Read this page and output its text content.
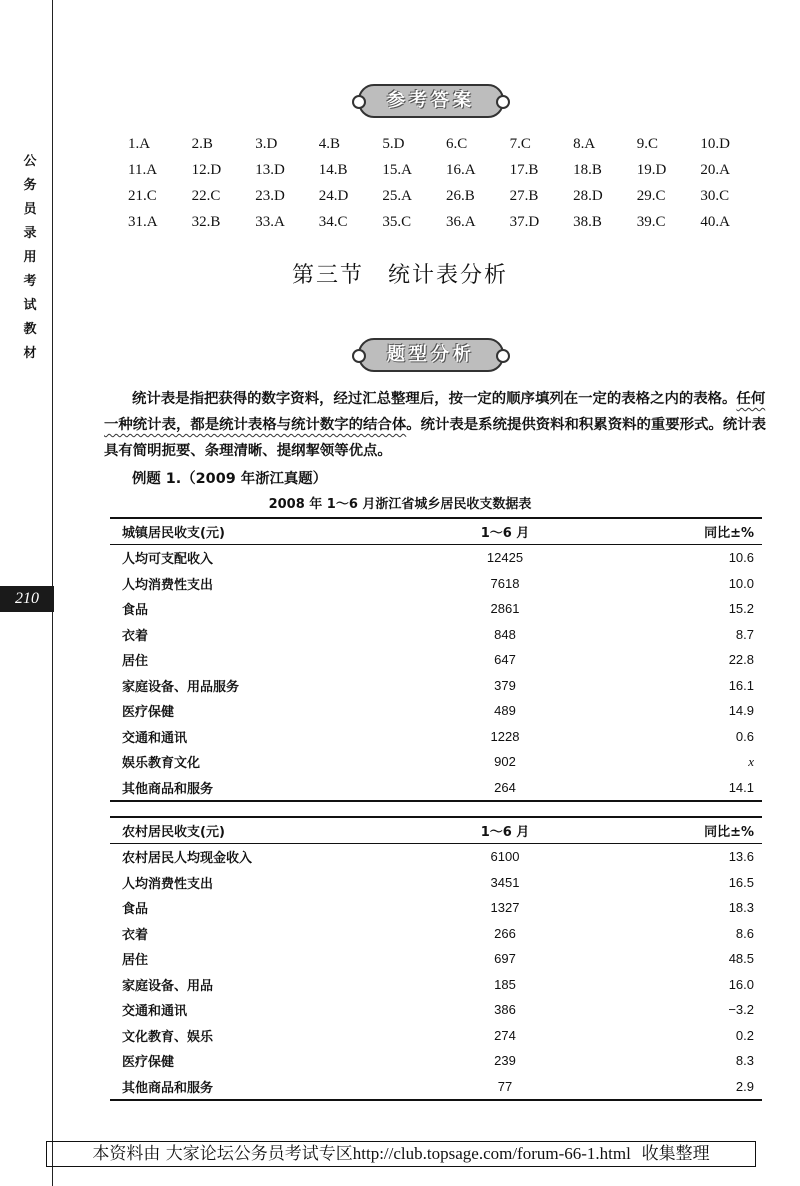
公务员录用考试教材
210
参考答案
1.A	2.B	3.D	4.B	5.D	6.C	7.C	8.A	9.C	10.D
11.A	12.D	13.D	14.B	15.A	16.A	17.B	18.B	19.D	20.A
21.C	22.C	23.D	24.D	25.A	26.B	27.B	28.D	29.C	30.C
31.A	32.B	33.A	34.C	35.C	36.A	37.D	38.B	39.C	40.A
第三节　统计表分析
题型分析
统计表是指把获得的数字资料，经过汇总整理后，按一定的顺序填列在一定的表格之内的表格。任何一种统计表，都是统计表格与统计数字的结合体。统计表是系统提供资料和积累资料的重要形式。统计表具有简明扼要、条理清晰、提纲挈领等优点。
例题 1.（2009 年浙江真题）
2008 年 1～6 月浙江省城乡居民收支数据表
城镇居民收支(元)	1～6 月	同比±%
人均可支配收入	12425	10.6
人均消费性支出	7618	10.0
食品	2861	15.2
衣着	848	8.7
居住	647	22.8
家庭设备、用品服务	379	16.1
医疗保健	489	14.9
交通和通讯	1228	0.6
娱乐教育文化	902	x
其他商品和服务	264	14.1
农村居民收支(元)	1～6 月	同比±%
农村居民人均现金收入	6100	13.6
人均消费性支出	3451	16.5
食品	1327	18.3
衣着	266	8.6
居住	697	48.5
家庭设备、用品	185	16.0
交通和通讯	386	−3.2
文化教育、娱乐	274	0.2
医疗保健	239	8.3
其他商品和服务	77	2.9
本资料由 大家论坛公务员考试专区http://club.topsage.com/forum-66-1.html 收集整理
